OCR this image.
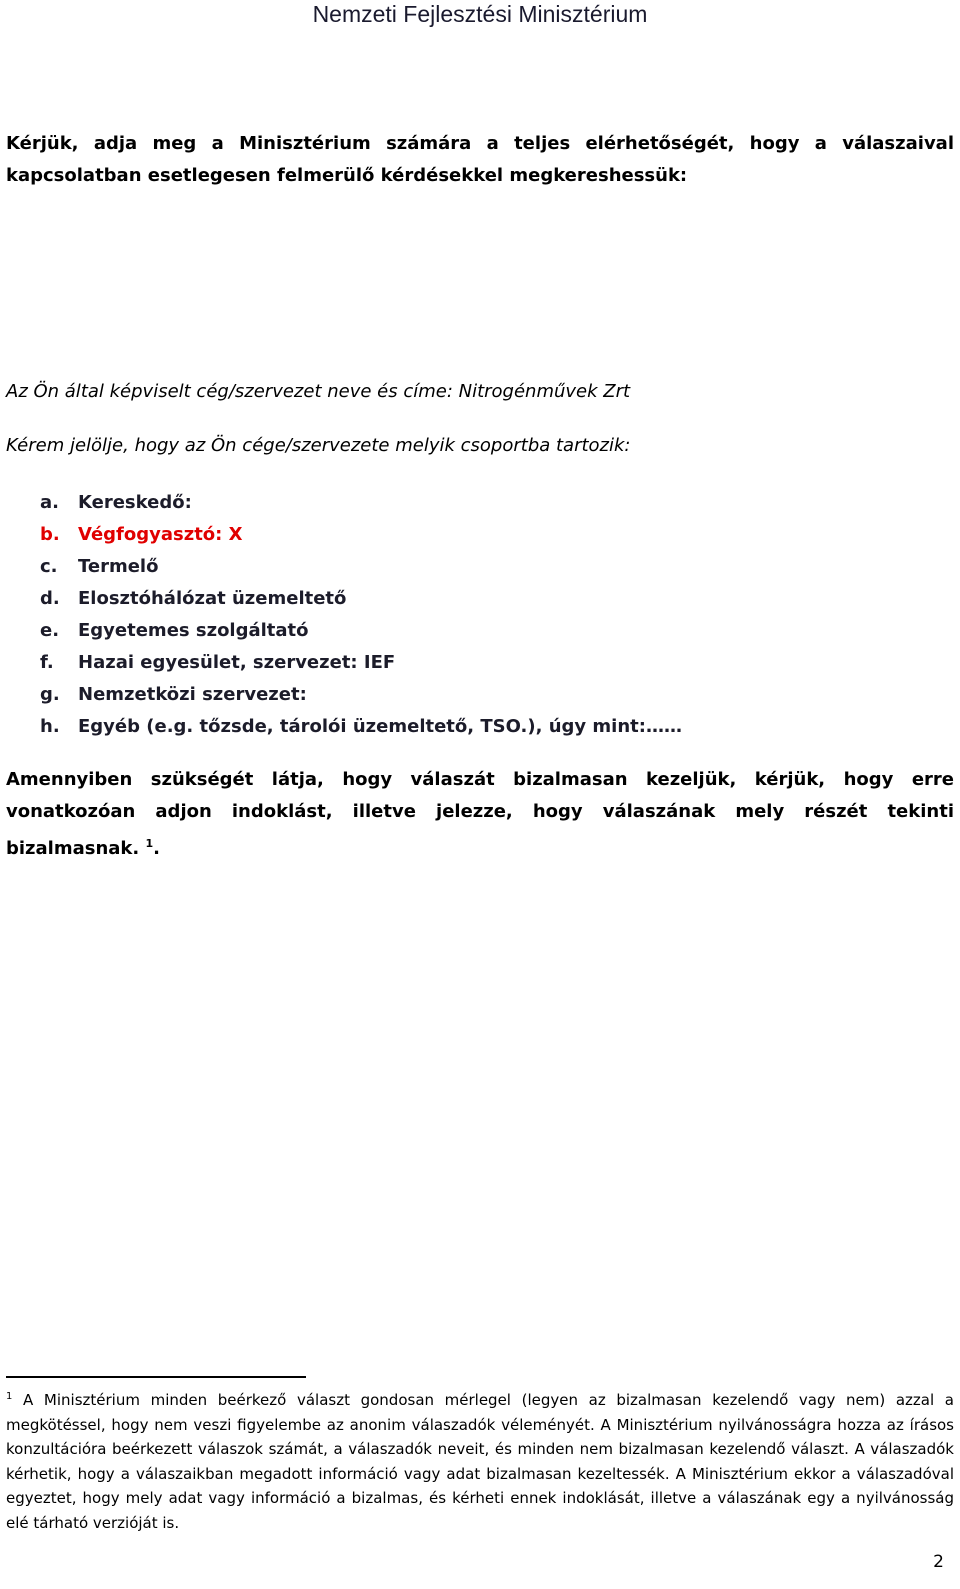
Nemzeti Fejlesztési Minisztérium
Kérjük, adja meg a Minisztérium számára a teljes elérhetőségét, hogy a válaszaival kapcsolatban esetlegesen felmerülő kérdésekkel megkereshessük:
Az Ön által képviselt cég/szervezet neve és címe: Nitrogénművek Zrt
Kérem jelölje, hogy az Ön cége/szervezete melyik csoportba tartozik:
a. Kereskedő:
b. Végfogyasztó: X
c. Termelő
d. Elosztóhálózat üzemeltető
e. Egyetemes szolgáltató
f. Hazai egyesület, szervezet: IEF
g. Nemzetközi szervezet:
h. Egyéb (e.g. tőzsde, tárolói üzemeltető, TSO.), úgy mint:……
Amennyiben szükségét látja, hogy válaszát bizalmasan kezeljük, kérjük, hogy erre vonatkozóan adjon indoklást, illetve jelezze, hogy válaszának mely részét tekinti bizalmasnak. $^1$.
$^1$ A Minisztérium minden beérkező választ gondosan mérlegel (legyen az bizalmasan kezelendő vagy nem) azzal a megkötéssel, hogy nem veszi figyelembe az anonim válaszadók véleményét. A Minisztérium nyilvánosságra hozza az írásos konzultációra beérkezett válaszok számát, a válaszadók neveit, és minden nem bizalmasan kezelendő választ. A válaszadók kérhetik, hogy a válaszaikban megadott információ vagy adat bizalmasan kezeltessék. A Minisztérium ekkor a válaszadóval egyeztet, hogy mely adat vagy információ a bizalmas, és kérheti ennek indoklását, illetve a válaszának egy a nyilvánosság elé tárható verzióját is.
2
